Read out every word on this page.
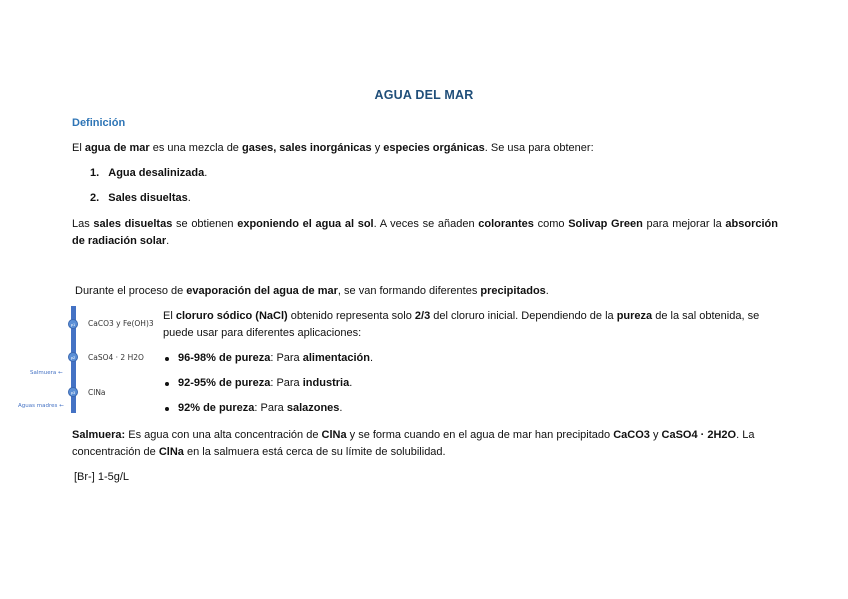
AGUA DEL MAR
Definición
El agua de mar es una mezcla de gases, sales inorgánicas y especies orgánicas. Se usa para obtener:
1. Agua desalinizada.
2. Sales disueltas.
Las sales disueltas se obtienen exponiendo el agua al sol. A veces se añaden colorantes como Solivap Green para mejorar la absorción de radiación solar.
Durante el proceso de evaporación del agua de mar, se van formando diferentes precipitados.
p1	CaCO3 y Fe(OH)3
p2	CaSO4 · 2 H2O
p3	ClNa
Salmuera ←
Aguas madres ←
El cloruro sódico (NaCl) obtenido representa solo 2/3 del cloruro inicial. Dependiendo de la pureza de la sal obtenida, se puede usar para diferentes aplicaciones:
96-98% de pureza: Para alimentación.
92-95% de pureza: Para industria.
92% de pureza: Para salazones.
Salmuera: Es agua con una alta concentración de ClNa y se forma cuando en el agua de mar han precipitado CaCO3 y CaSO4 · 2H2O. La concentración de ClNa en la salmuera está cerca de su límite de solubilidad.
[Br-] 1-5g/L
